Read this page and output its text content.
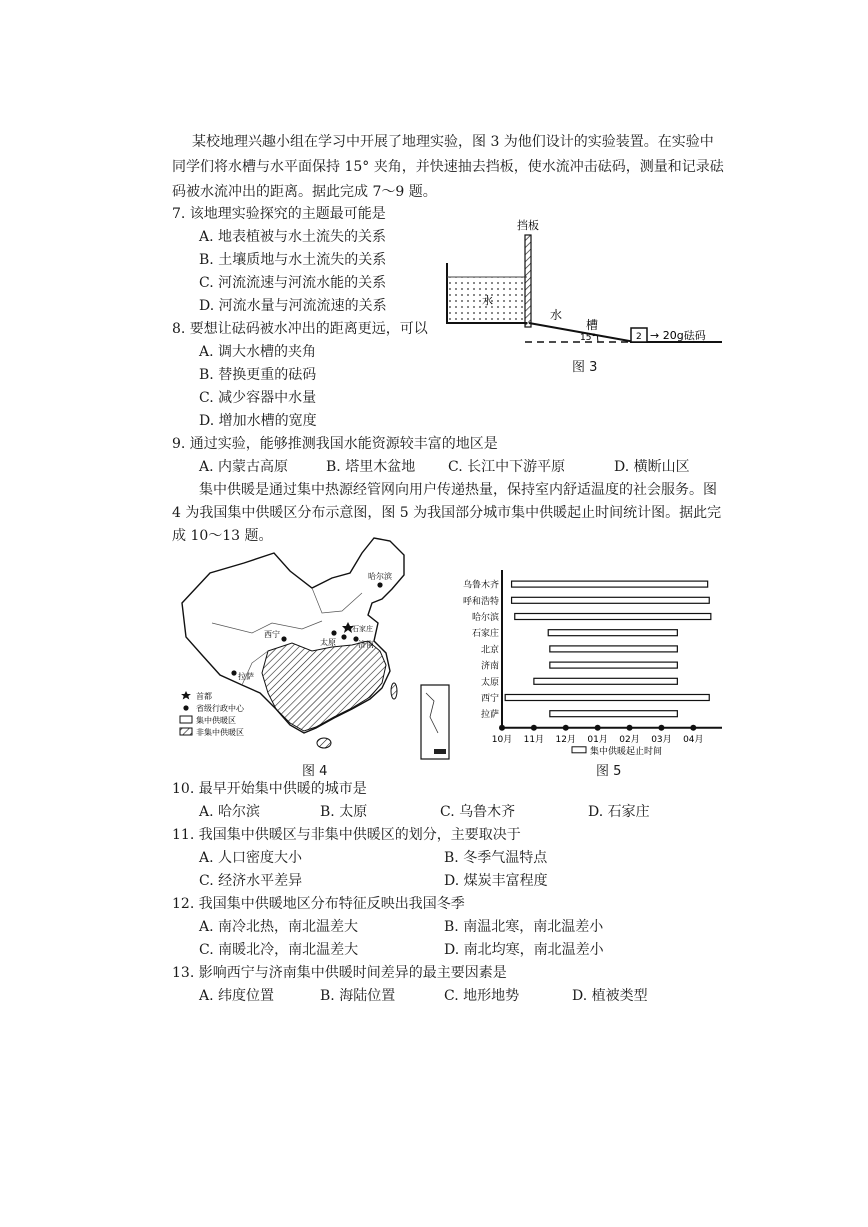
某校地理兴趣小组在学习中开展了地理实验，图 3 为他们设计的实验装置。在实验中
同学们将水槽与水平面保持 15° 夹角，并快速抽去挡板，使水流冲击砝码，测量和记录砝
码被水流冲出的距离。据此完成 7～9 题。
7. 该地理实验探究的主题最可能是
A. 地表植被与水土流失的关系
B. 土壤质地与水土流失的关系
C. 河流流速与河流水能的关系
D. 河流水量与河流流速的关系
8. 要想让砝码被水冲出的距离更远，可以
A. 调大水槽的夹角
B. 替换更重的砝码
C. 减少容器中水量
D. 增加水槽的宽度
挡板
水
水
槽
15°	2 → 20g砝码
图 3
9. 通过实验，能够推测我国水能资源较丰富的地区是
A. 内蒙古高原	B. 塔里木盆地 C. 长江中下游平原	D. 横断山区
集中供暖是通过集中热源经管网向用户传递热量，保持室内舒适温度的社会服务。图
4 为我国集中供暖区分布示意图，图 5 为我国部分城市集中供暖起止时间统计图。据此完
成 10～13 题。
哈尔滨
西宁
太原
石家庄
济南
拉萨
首都
省级行政中心
集中供暖区
非集中供暖区
图 4
乌鲁木齐
呼和浩特
哈尔滨
石家庄
北京
济南
太原
西宁
拉萨
10月 11月 12月 01月 02月 03月 04月
集中供暖起止时间
图 5
10. 最早开始集中供暖的城市是
A. 哈尔滨	B. 太原	C. 乌鲁木齐	D. 石家庄
11. 我国集中供暖区与非集中供暖区的划分，主要取决于
A. 人口密度大小	B. 冬季气温特点
C. 经济水平差异	D. 煤炭丰富程度
12. 我国集中供暖地区分布特征反映出我国冬季
A. 南冷北热，南北温差大	B. 南温北寒，南北温差小
C. 南暖北冷，南北温差大	D. 南北均寒，南北温差小
13. 影响西宁与济南集中供暖时间差异的最主要因素是
A. 纬度位置	B. 海陆位置	C. 地形地势	D. 植被类型
